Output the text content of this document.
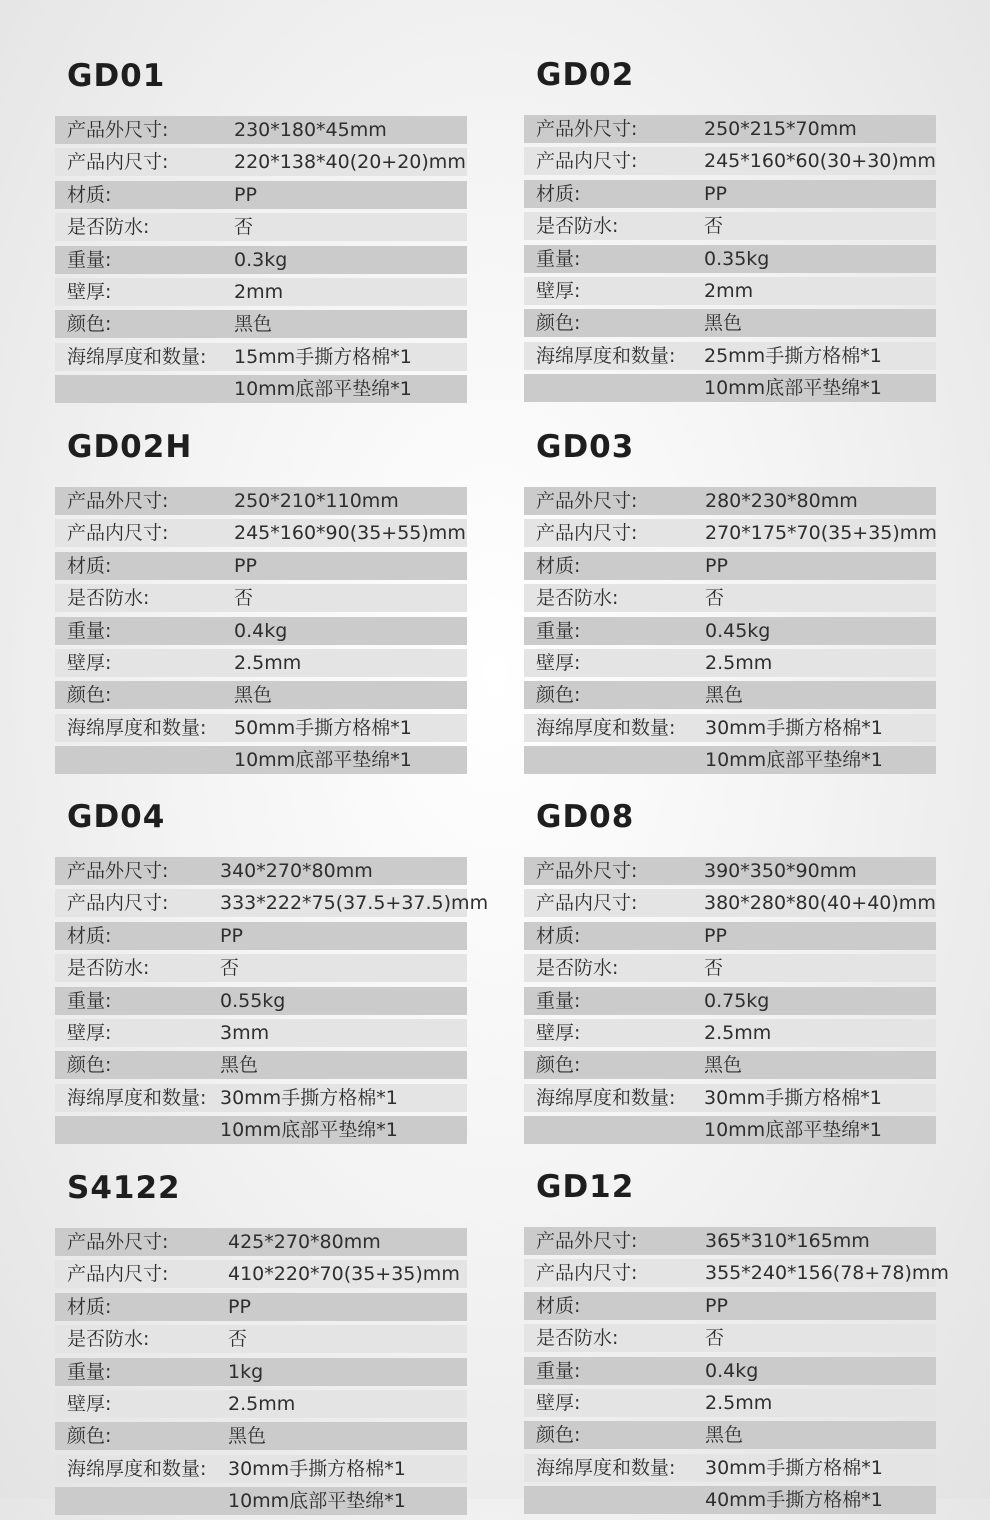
GD01
产品外尺寸:	230*180*45mm
产品内尺寸:	220*138*40(20+20)mm
材质:	PP
是否防水:	否
重量:	0.3kg
壁厚:	2mm
颜色:	黑色
海绵厚度和数量: 15mm手撕方格棉*1
10mm底部平垫绵*1
GD02
产品外尺寸:	250*215*70mm
产品内尺寸:	245*160*60(30+30)mm
材质:	PP
是否防水:	否
重量:	0.35kg
壁厚:	2mm
颜色:	黑色
海绵厚度和数量: 25mm手撕方格棉*1
10mm底部平垫绵*1
GD02H
产品外尺寸:	250*210*110mm
产品内尺寸:	245*160*90(35+55)mm
材质:	PP
是否防水:	否
重量:	0.4kg
壁厚:	2.5mm
颜色:	黑色
海绵厚度和数量: 50mm手撕方格棉*1
10mm底部平垫绵*1
GD03
产品外尺寸:	280*230*80mm
产品内尺寸:	270*175*70(35+35)mm
材质:	PP
是否防水:	否
重量:	0.45kg
壁厚:	2.5mm
颜色:	黑色
海绵厚度和数量: 30mm手撕方格棉*1
10mm底部平垫绵*1
GD04
产品外尺寸:	340*270*80mm
产品内尺寸:	333*222*75(37.5+37.5)mm
材质:	PP
是否防水:	否
重量:	0.55kg
壁厚:	3mm
颜色:	黑色
海绵厚度和数量: 30mm手撕方格棉*1
10mm底部平垫绵*1
GD08
产品外尺寸:	390*350*90mm
产品内尺寸:	380*280*80(40+40)mm
材质:	PP
是否防水:	否
重量:	0.75kg
壁厚:	2.5mm
颜色:	黑色
海绵厚度和数量: 30mm手撕方格棉*1
10mm底部平垫绵*1
S4122
产品外尺寸:	425*270*80mm
产品内尺寸:	410*220*70(35+35)mm
材质:	PP
是否防水:	否
重量:	1kg
壁厚:	2.5mm
颜色:	黑色
海绵厚度和数量: 30mm手撕方格棉*1
10mm底部平垫绵*1
GD12
产品外尺寸:	365*310*165mm
产品内尺寸:	355*240*156(78+78)mm
材质:	PP
是否防水:	否
重量:	0.4kg
壁厚:	2.5mm
颜色:	黑色
海绵厚度和数量: 30mm手撕方格棉*1
40mm手撕方格棉*1
